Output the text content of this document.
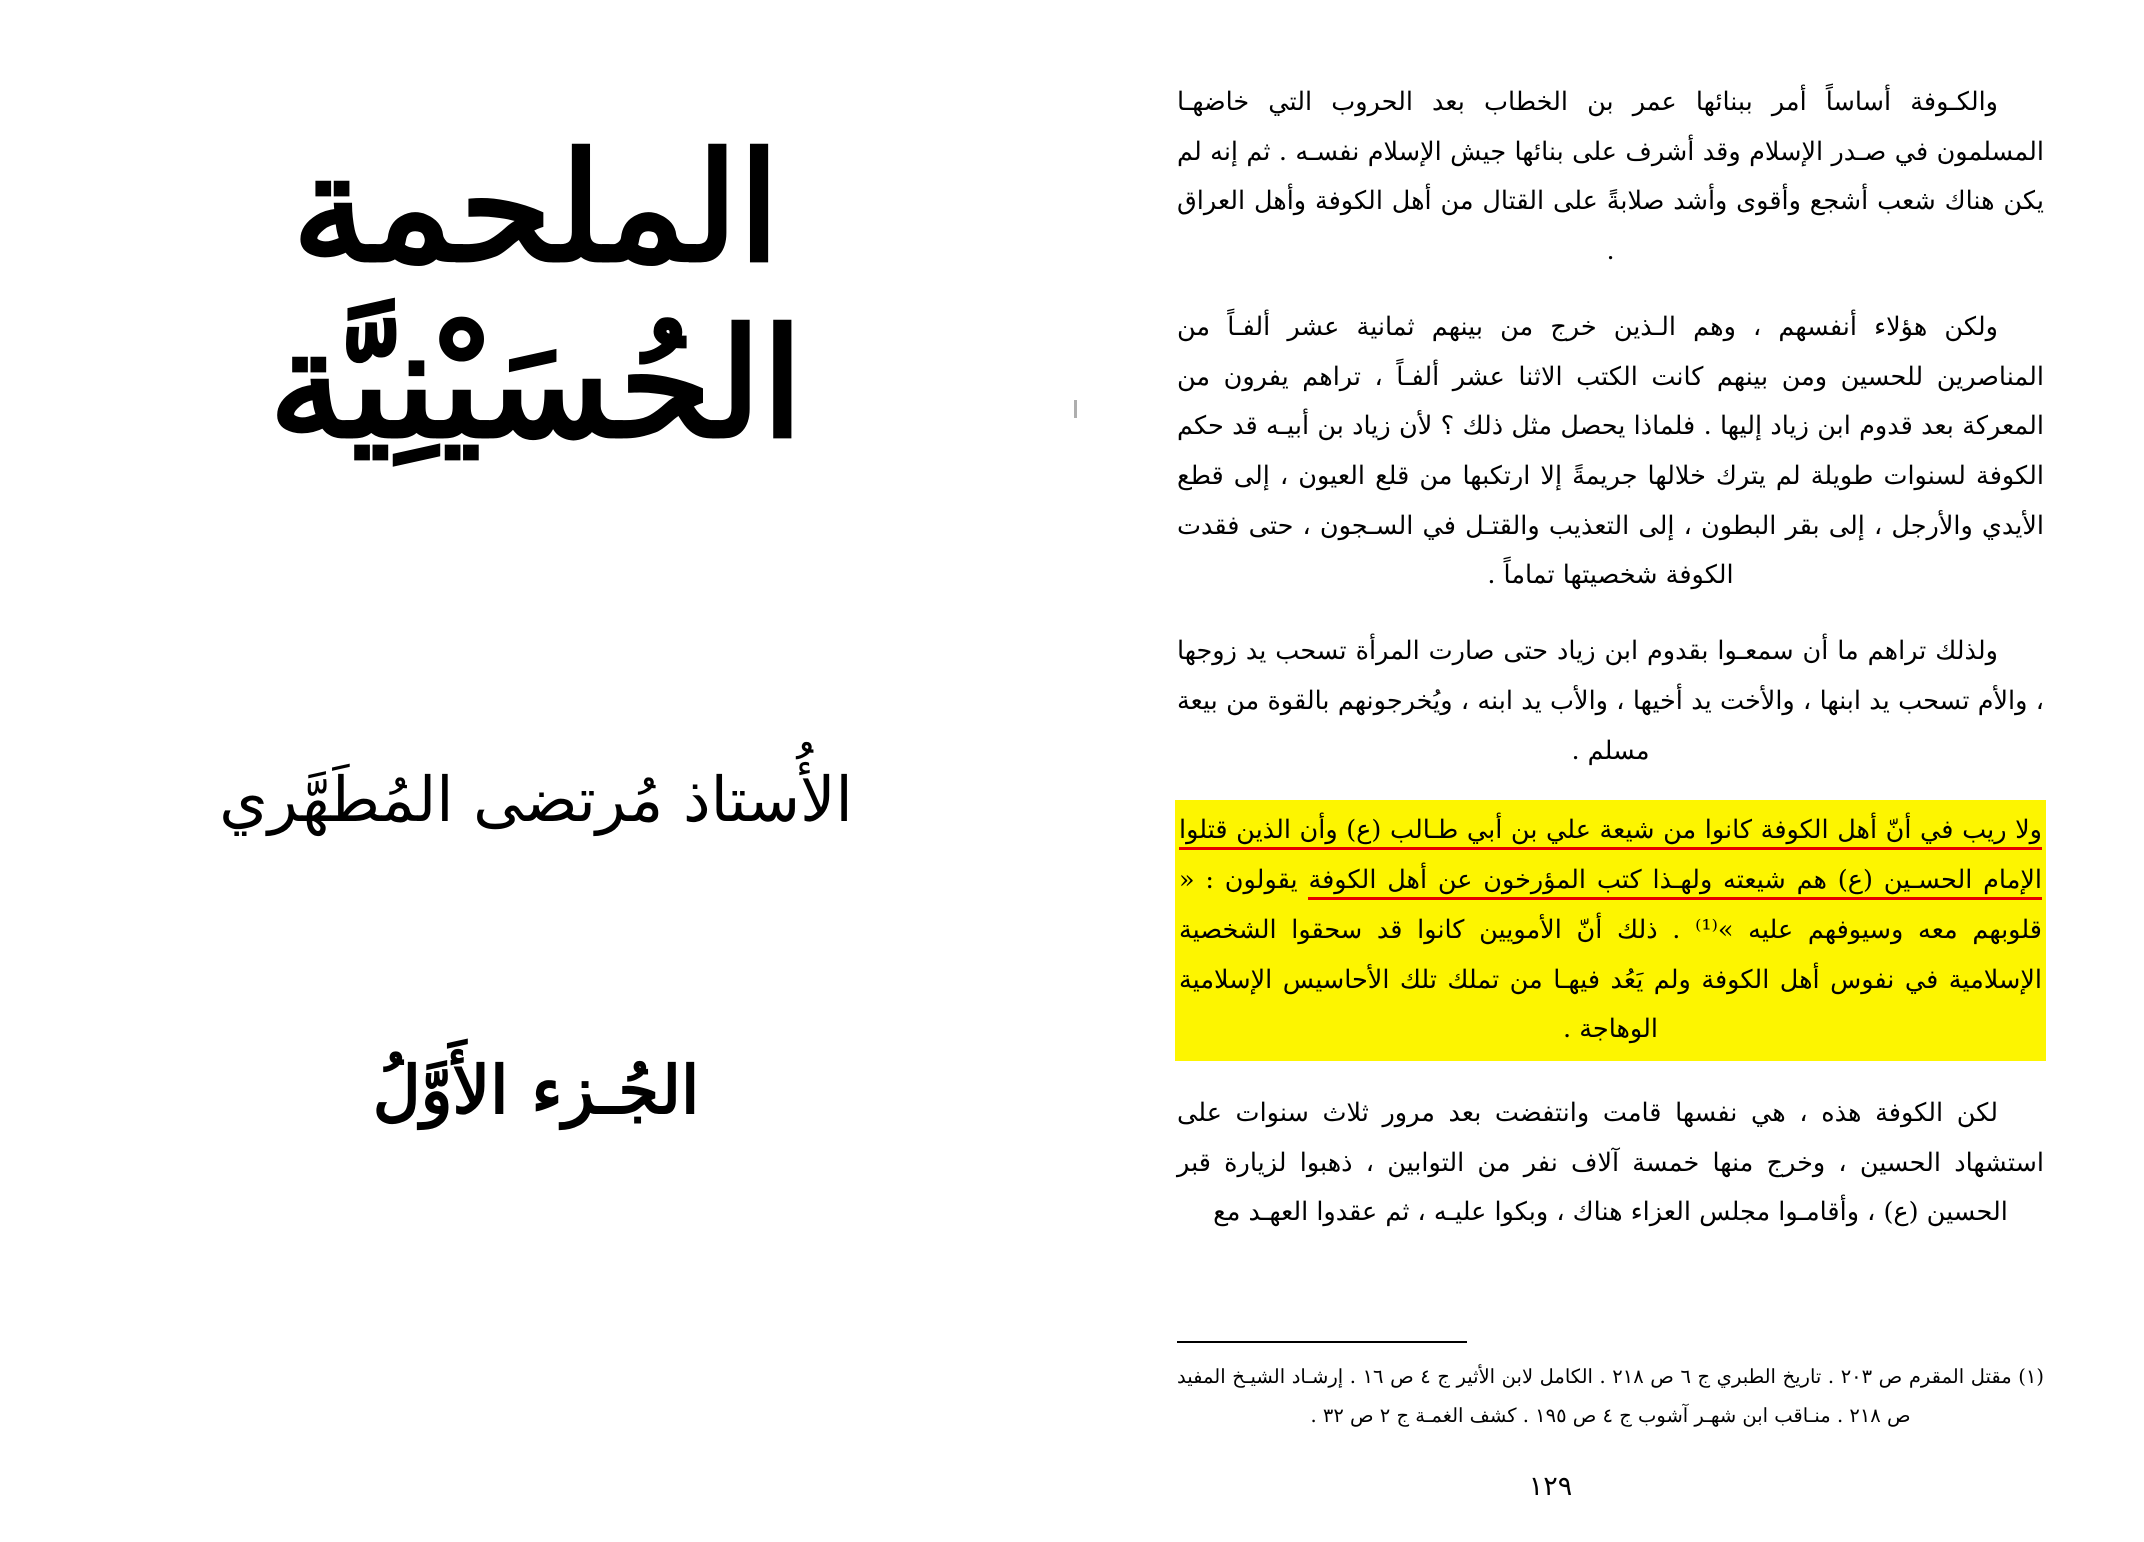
الملحمة
الحُسَيْنِيَّة
الأُستاذ مُرتضى المُطَهَّري
الجُـزء الأَوَّلُ

والكـوفة أساساً أمر ببنائها عمر بن الخطاب بعد الحروب التي خاضهـا المسلمون في صـدر الإسلام وقد أشرف على بنائها جيش الإسلام نفسـه . ثم إنه لم يكن هناك شعب أشجع وأقوى وأشد صلابةً على القتال من أهل الكوفة وأهل العراق .

ولكن هؤلاء أنفسهم ، وهم الـذين خرج من بينهم ثمانية عشر ألفـاً من المناصرين للحسين ومن بينهم كانت الكتب الاثنا عشر ألفـاً ، تراهم يفرون من المعركة بعد قدوم ابن زياد إليها . فلماذا يحصل مثل ذلك ؟ لأن زياد بن أبيـه قد حكم الكوفة لسنوات طويلة لم يترك خلالها جريمةً إلا ارتكبها من قلع العيون ، إلى قطع الأيدي والأرجل ، إلى بقر البطون ، إلى التعذيب والقتـل في السـجون ، حتى فقدت الكوفة شخصيتها تماماً .

ولذلك تراهم ما أن سمعـوا بقدوم ابن زياد حتى صارت المرأة تسحب يد زوجها ، والأم تسحب يد ابنها ، والأخت يد أخيها ، والأب يد ابنه ، ويُخرجونهم بالقوة من بيعة مسلم .

ولا ريب في أنّ أهل الكوفة كانوا من شيعة علي بن أبي طـالب (ع) وأن الذين قتلوا الإمام الحسـين (ع) هم شيعته ولهـذا كتب المؤرخون عن أهل الكوفة يقولون : « قلوبهم معه وسيوفهم عليه »⁽¹⁾ . ذلك أنّ الأمويين كانوا قد سحقوا الشخصية الإسلامية في نفوس أهل الكوفة ولم يَعُد فيهـا من تملك تلك الأحاسيس الإسلامية الوهاجة .

لكن الكوفة هذه ، هي نفسها قامت وانتفضت بعد مرور ثلاث سنوات على استشهاد الحسين ، وخرج منها خمسة آلاف نفر من التوابين ، ذهبوا لزيارة قبر الحسين (ع) ، وأقامـوا مجلس العزاء هناك ، وبكوا عليـه ، ثم عقدوا العهـد مع

(١) مقتل المقرم ص ٢٠٣ . تاريخ الطبري ج ٦ ص ٢١٨ . الكامل لابن الأثير ج ٤ ص ١٦ . إرشـاد الشيـخ المفيد ص ٢١٨ . منـاقب ابن شهـر آشوب ج ٤ ص ١٩٥ . كشف الغمـة ج ٢ ص ٣٢ .

١٢٩
